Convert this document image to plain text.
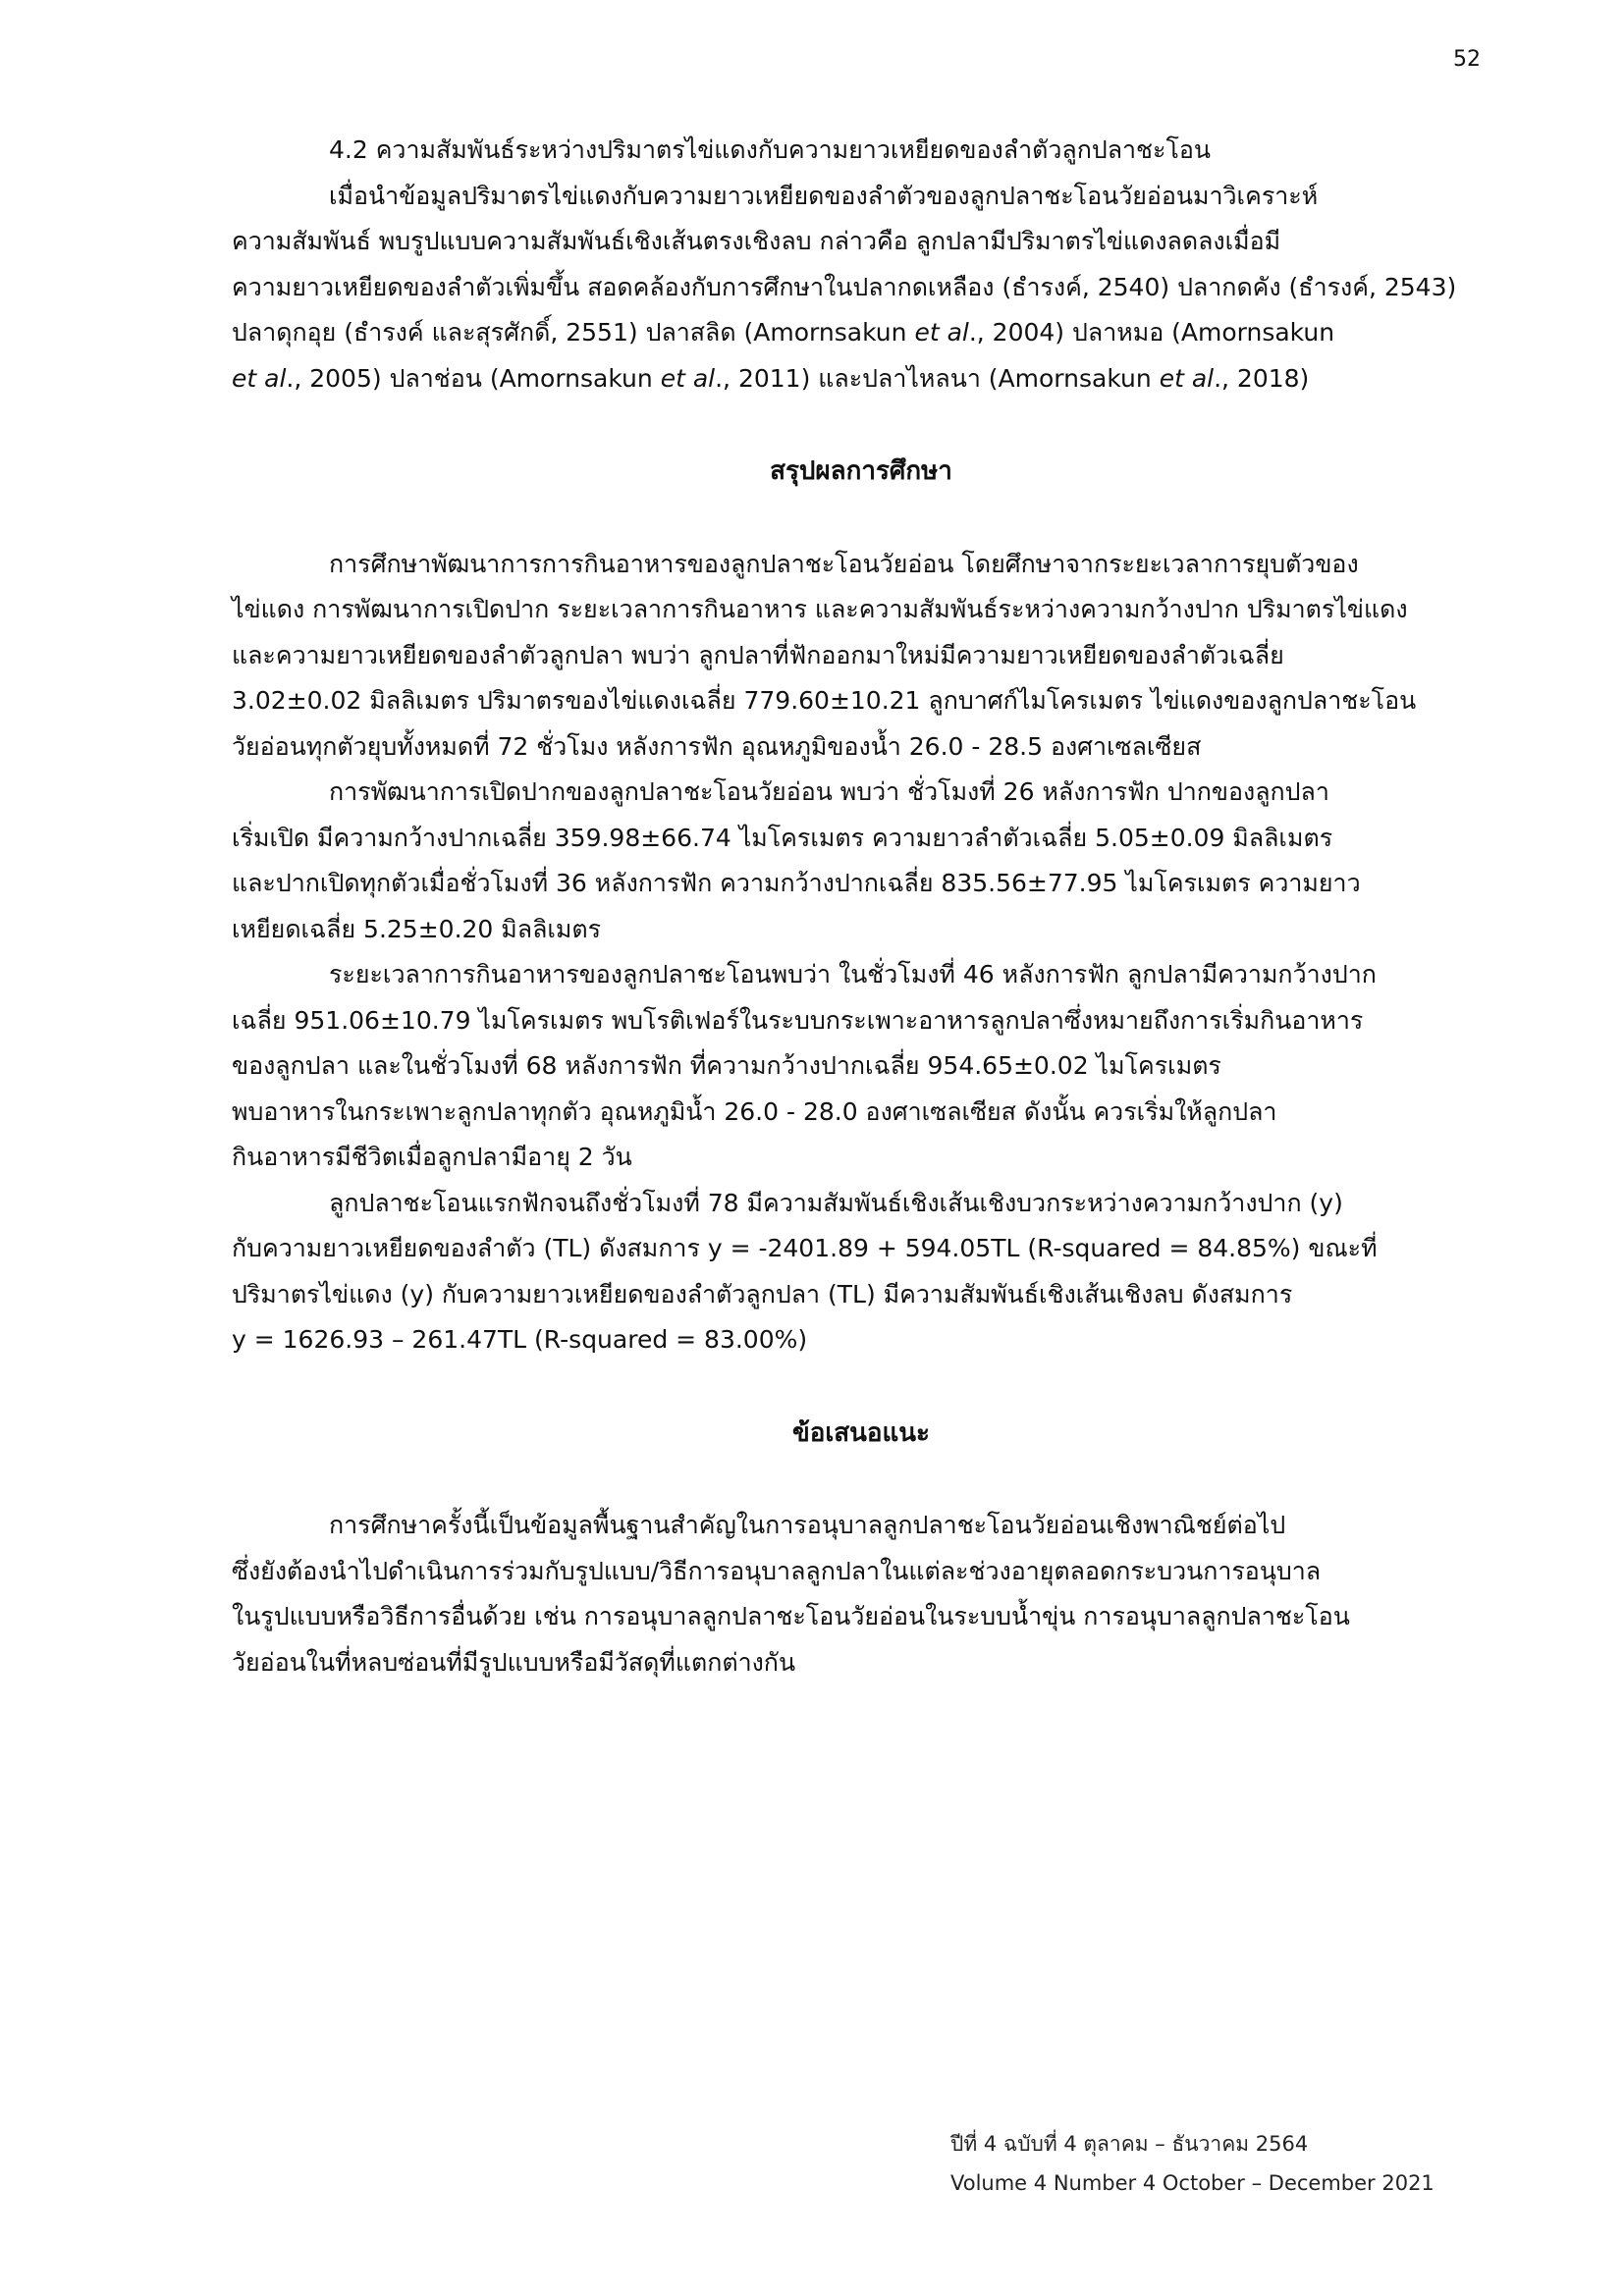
52
4.2 ความสัมพันธ์ระหว่างปริมาตรไข่แดงกับความยาวเหยียดของลำตัวลูกปลาชะโอน
เมื่อนำข้อมูลปริมาตรไข่แดงกับความยาวเหยียดของลำตัวของลูกปลาชะโอนวัยอ่อนมาวิเคราะห์
ความสัมพันธ์ พบรูปแบบความสัมพันธ์เชิงเส้นตรงเชิงลบ กล่าวคือ ลูกปลามีปริมาตรไข่แดงลดลงเมื่อมี
ความยาวเหยียดของลำตัวเพิ่มขึ้น สอดคล้องกับการศึกษาในปลากดเหลือง (ธำรงค์, 2540) ปลากดคัง (ธำรงค์, 2543)
ปลาดุกอุย (ธำรงค์ และสุรศักดิ์, 2551) ปลาสลิด (Amornsakun et al., 2004) ปลาหมอ (Amornsakun
et al., 2005) ปลาช่อน (Amornsakun et al., 2011) และปลาไหลนา (Amornsakun et al., 2018)
สรุปผลการศึกษา
การศึกษาพัฒนาการการกินอาหารของลูกปลาชะโอนวัยอ่อน โดยศึกษาจากระยะเวลาการยุบตัวของ
ไข่แดง การพัฒนาการเปิดปาก ระยะเวลาการกินอาหาร และความสัมพันธ์ระหว่างความกว้างปาก ปริมาตรไข่แดง
และความยาวเหยียดของลำตัวลูกปลา พบว่า ลูกปลาที่ฟักออกมาใหม่มีความยาวเหยียดของลำตัวเฉลี่ย
3.02±0.02 มิลลิเมตร ปริมาตรของไข่แดงเฉลี่ย 779.60±10.21 ลูกบาศก์ไมโครเมตร ไข่แดงของลูกปลาชะโอน
วัยอ่อนทุกตัวยุบทั้งหมดที่ 72 ชั่วโมง หลังการฟัก อุณหภูมิของน้ำ 26.0 - 28.5 องศาเซลเซียส
การพัฒนาการเปิดปากของลูกปลาชะโอนวัยอ่อน พบว่า ชั่วโมงที่ 26 หลังการฟัก ปากของลูกปลา
เริ่มเปิด มีความกว้างปากเฉลี่ย 359.98±66.74 ไมโครเมตร ความยาวลำตัวเฉลี่ย 5.05±0.09 มิลลิเมตร
และปากเปิดทุกตัวเมื่อชั่วโมงที่ 36 หลังการฟัก ความกว้างปากเฉลี่ย 835.56±77.95 ไมโครเมตร ความยาว
เหยียดเฉลี่ย 5.25±0.20 มิลลิเมตร
ระยะเวลาการกินอาหารของลูกปลาชะโอนพบว่า ในชั่วโมงที่ 46 หลังการฟัก ลูกปลามีความกว้างปาก
เฉลี่ย 951.06±10.79 ไมโครเมตร พบโรติเฟอร์ในระบบกระเพาะอาหารลูกปลาซึ่งหมายถึงการเริ่มกินอาหาร
ของลูกปลา และในชั่วโมงที่ 68 หลังการฟัก ที่ความกว้างปากเฉลี่ย 954.65±0.02 ไมโครเมตร
พบอาหารในกระเพาะลูกปลาทุกตัว อุณหภูมิน้ำ 26.0 - 28.0 องศาเซลเซียส ดังนั้น ควรเริ่มให้ลูกปลา
กินอาหารมีชีวิตเมื่อลูกปลามีอายุ 2 วัน
ลูกปลาชะโอนแรกฟักจนถึงชั่วโมงที่ 78 มีความสัมพันธ์เชิงเส้นเชิงบวกระหว่างความกว้างปาก (y)
กับความยาวเหยียดของลำตัว (TL) ดังสมการ y = -2401.89 + 594.05TL (R-squared = 84.85%) ขณะที่
ปริมาตรไข่แดง (y) กับความยาวเหยียดของลำตัวลูกปลา (TL) มีความสัมพันธ์เชิงเส้นเชิงลบ ดังสมการ
y = 1626.93 – 261.47TL (R-squared = 83.00%)
ข้อเสนอแนะ
การศึกษาครั้งนี้เป็นข้อมูลพื้นฐานสำคัญในการอนุบาลลูกปลาชะโอนวัยอ่อนเชิงพาณิชย์ต่อไป
ซึ่งยังต้องนำไปดำเนินการร่วมกับรูปแบบ/วิธีการอนุบาลลูกปลาในแต่ละช่วงอายุตลอดกระบวนการอนุบาล
ในรูปแบบหรือวิธีการอื่นด้วย เช่น การอนุบาลลูกปลาชะโอนวัยอ่อนในระบบน้ำขุ่น การอนุบาลลูกปลาชะโอน
วัยอ่อนในที่หลบซ่อนที่มีรูปแบบหรือมีวัสดุที่แตกต่างกัน
ปีที่ 4 ฉบับที่ 4 ตุลาคม – ธันวาคม 2564
Volume 4 Number 4 October – December 2021
